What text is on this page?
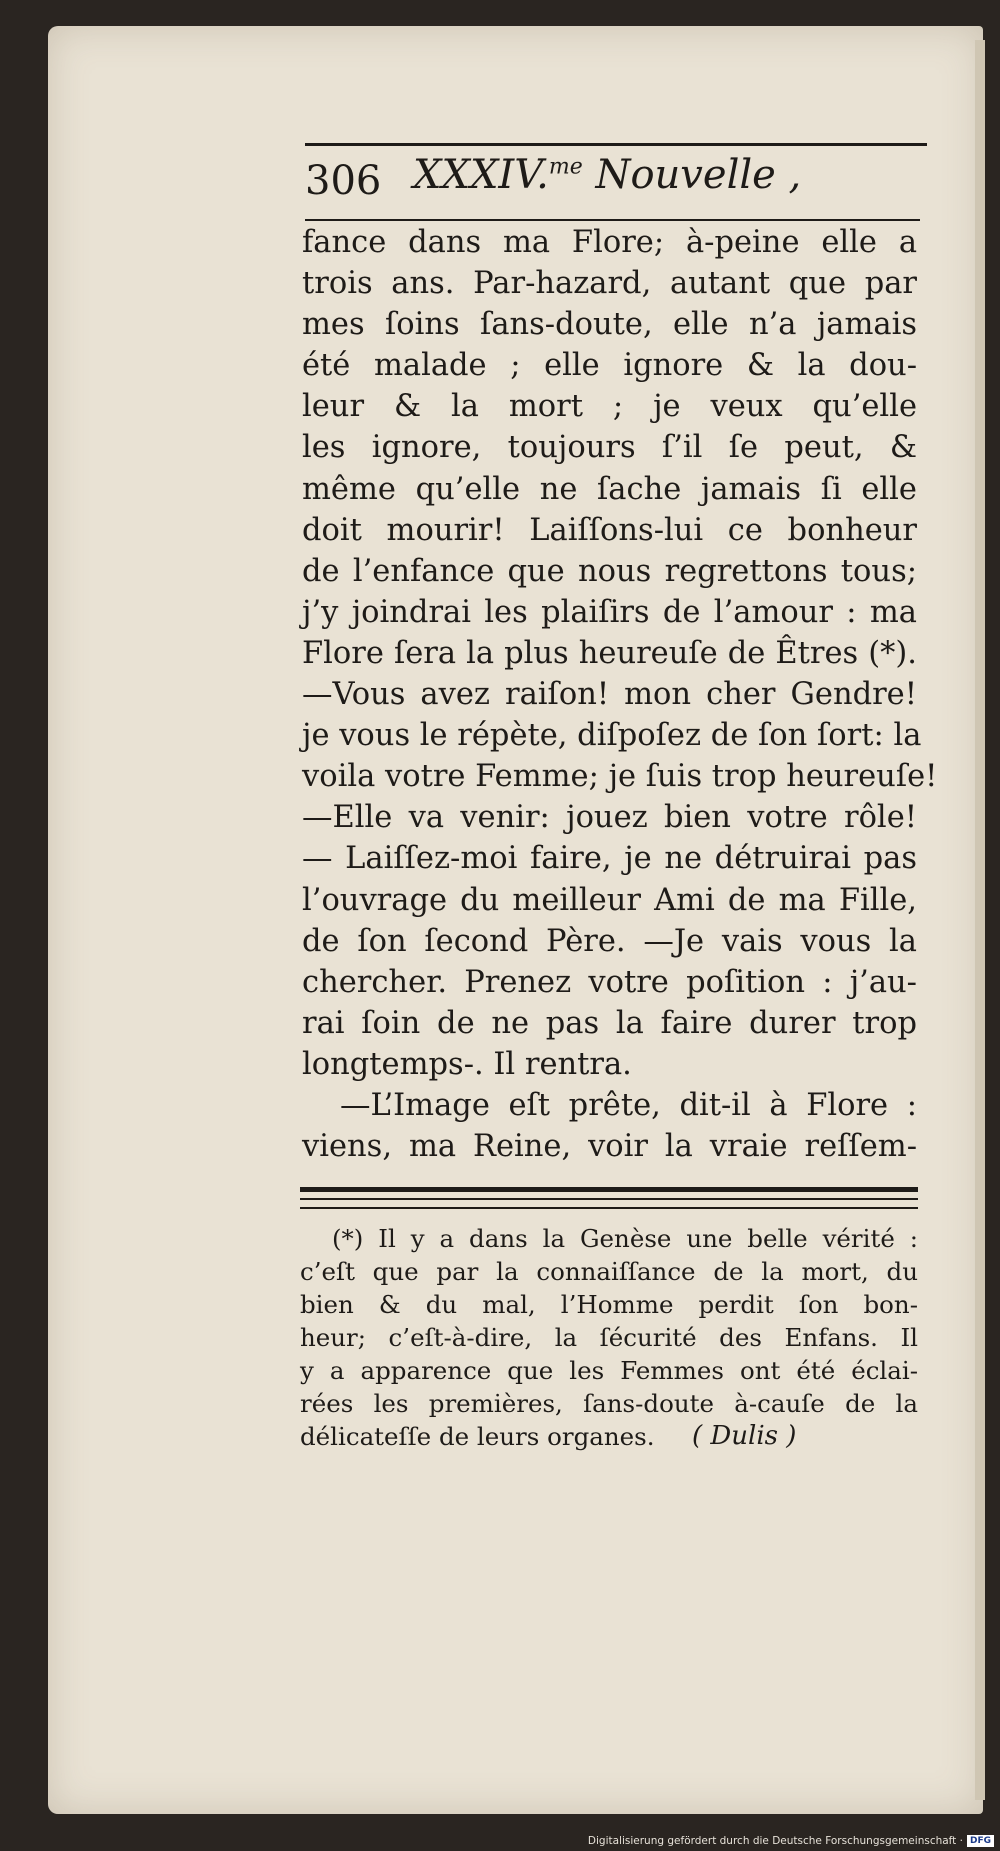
306 XXXIV.$^{me}$ Nouvelle ,
fance dans ma Flore; à-peine elle a
trois ans. Par-hazard, autant que par
mes ſoins ſans-doute, elle n’a jamais
été malade ; elle ignore & la dou-
leur & la mort ; je veux qu’elle
les ignore, toujours ſ’il ſe peut, &
même qu’elle ne ſache jamais ſi elle
doit mourir! Laiſſons-lui ce bonheur
de l’enfance que nous regrettons tous;
j’y joindrai les plaiſirs de l’amour : ma
Flore ſera la plus heureuſe de Êtres (*).
—Vous avez raiſon! mon cher Gendre!
je vous le répète, diſpoſez de ſon ſort: la
voila votre Femme; je ſuis trop heureuſe!
—Elle va venir: jouez bien votre rôle!
— Laiſſez-moi faire, je ne détruirai pas
l’ouvrage du meilleur Ami de ma Fille,
de ſon ſecond Père. —Je vais vous la
chercher. Prenez votre poſition : j’au-
rai ſoin de ne pas la faire durer trop
longtemps-. Il rentra.
—L’Image eſt prête, dit-il à Flore :
viens, ma Reine, voir la vraie reſſem-
(*) Il y a dans la Genèse une belle vérité :
c’eſt que par la connaiſſance de la mort, du
bien & du mal, l’Homme perdit ſon bon-
heur; c’eſt-à-dire, la ſécurité des Enfans. Il
y a apparence que les Femmes ont été éclai-
rées les premières, ſans-doute à-cauſe de la
délicateſſe de leurs organes.	( Dulis )
Digitalisierung gefördert durch die Deutsche Forschungsgemeinschaft · DFG
